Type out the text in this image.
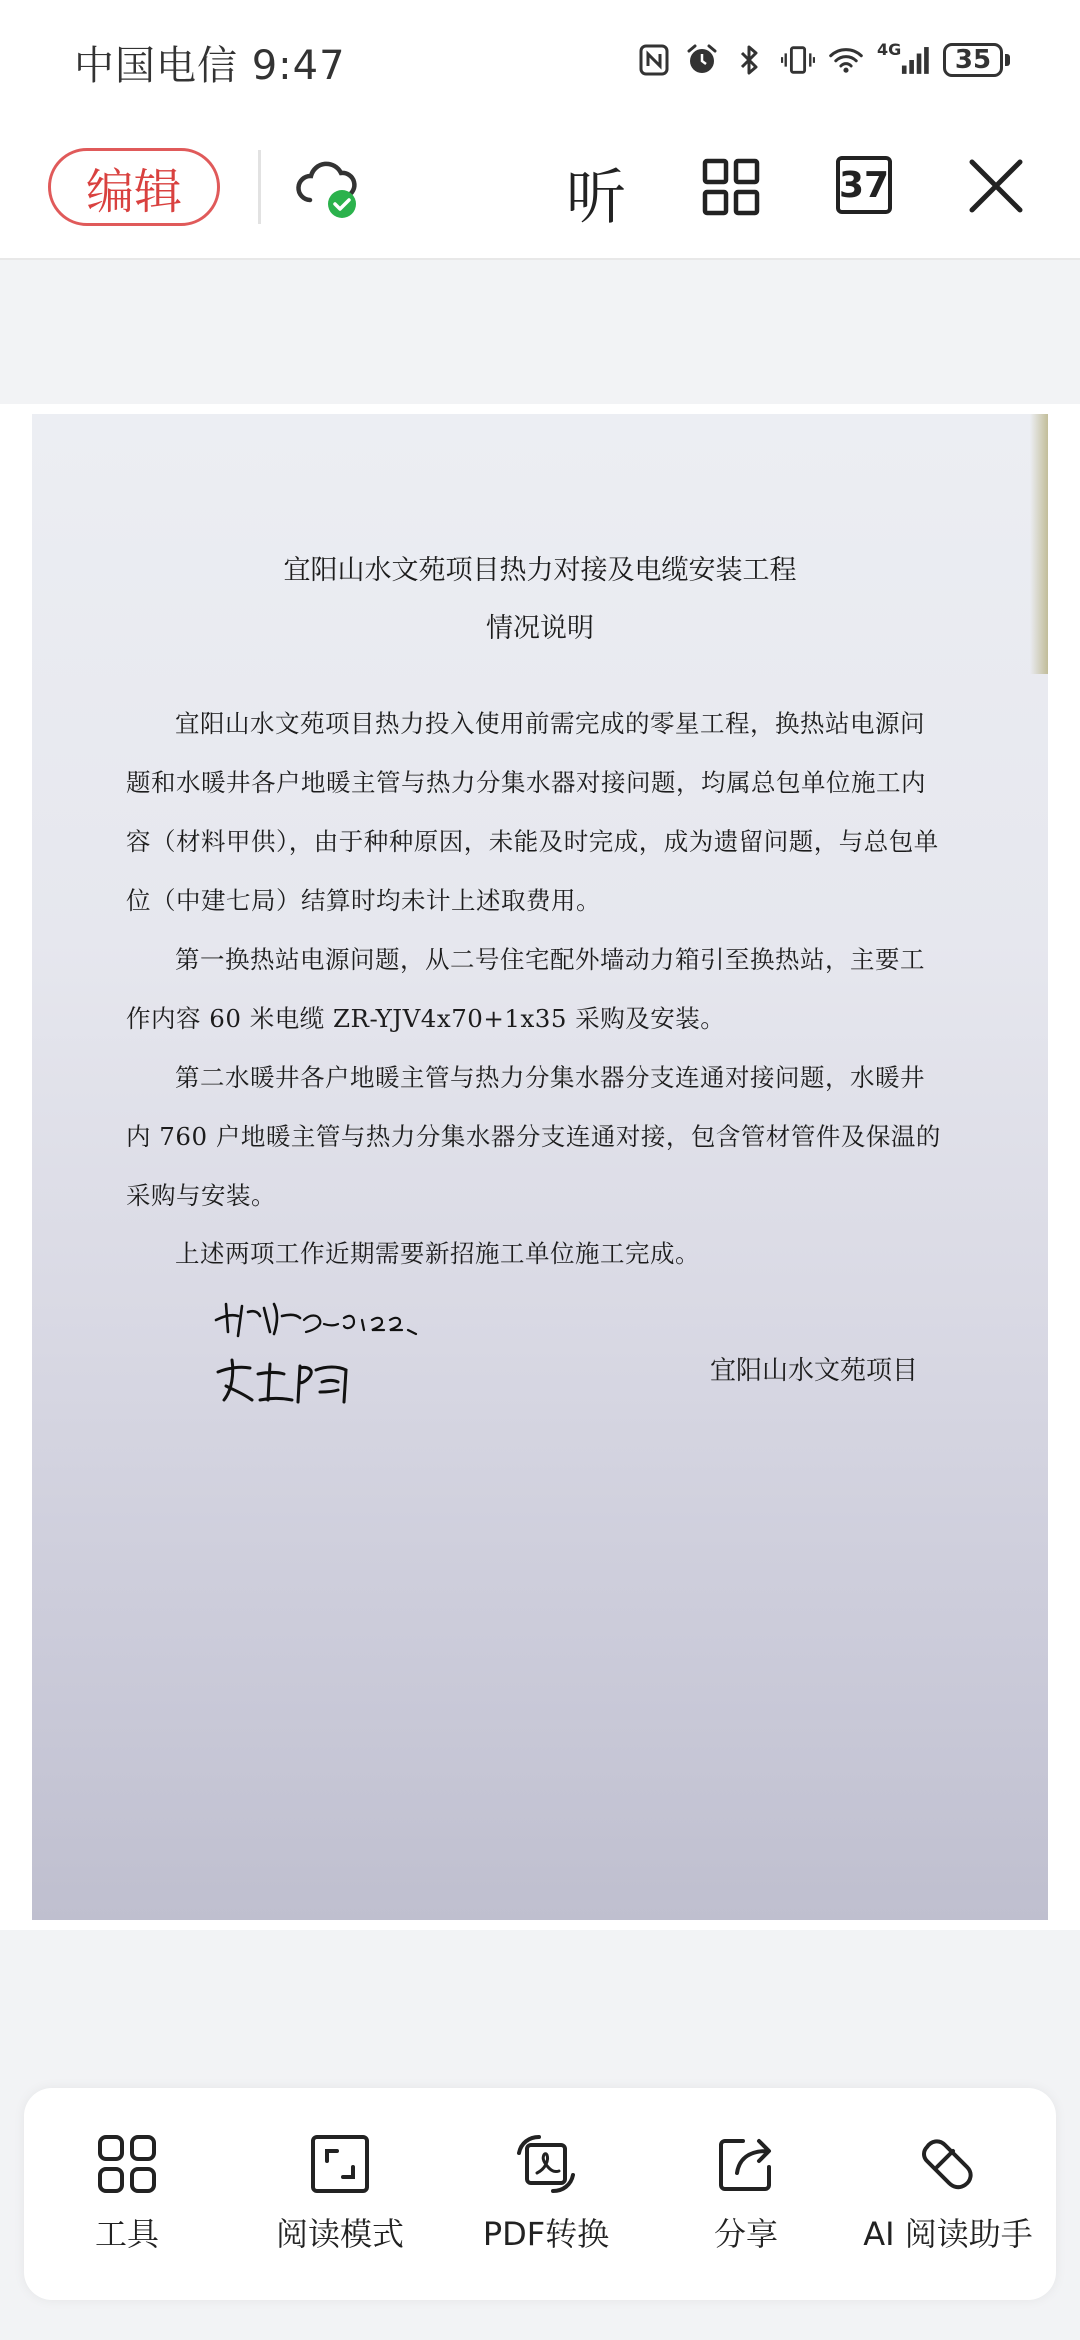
中国电信 9:47	4G	35
编辑	听	37
宜阳山水文苑项目热力对接及电缆安装工程
情况说明
宜阳山水文苑项目热力投入使用前需完成的零星工程，换热站电源问题和水暖井各户地暖主管与热力分集水器对接问题，均属总包单位施工内容（材料甲供），由于种种原因，未能及时完成，成为遗留问题，与总包单位（中建七局）结算时均未计上述取费用。
第一换热站电源问题，从二号住宅配外墙动力箱引至换热站，主要工作内容 60 米电缆 ZR-YJV4x70+1x35 采购及安装。
第二水暖井各户地暖主管与热力分集水器分支连通对接问题，水暖井内 760 户地暖主管与热力分集水器分支连通对接，包含管材管件及保温的采购与安装。
上述两项工作近期需要新招施工单位施工完成。
宜阳山水文苑项目
工具	阅读模式 PDF转换	分享	AI 阅读助手
